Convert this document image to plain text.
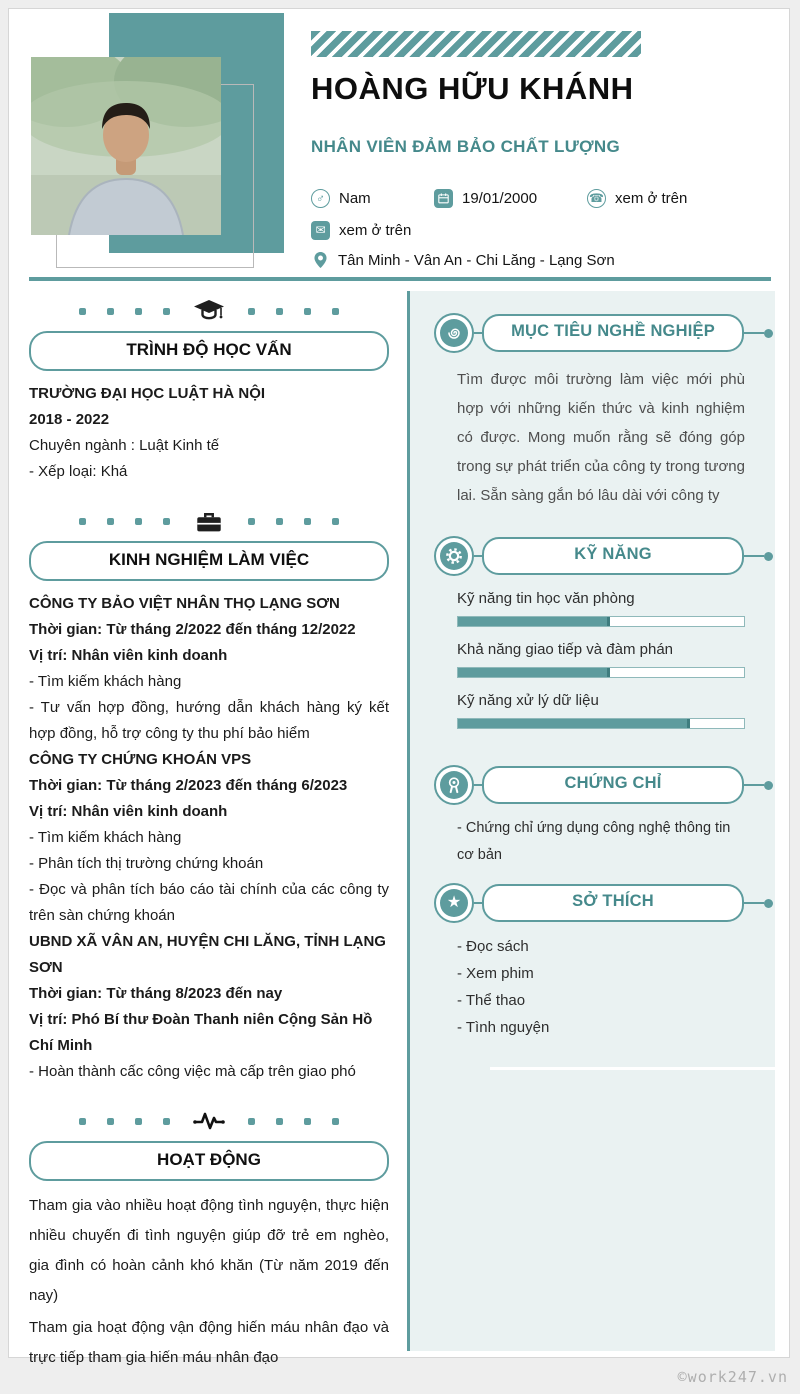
HOÀNG HỮU KHÁNH
NHÂN VIÊN ĐẢM BẢO CHẤT LƯỢNG
♂ Nam	19/01/2000	☎ xem ở trên
✉ xem ở trên
Tân Minh - Vân An - Chi Lăng - Lạng Sơn
TRÌNH ĐỘ HỌC VẤN

TRƯỜNG ĐẠI HỌC LUẬT HÀ NỘI

2018 - 2022

Chuyên ngành : Luật Kinh tế

- Xếp loại: Khá

KINH NGHIỆM LÀM VIỆC

CÔNG TY BẢO VIỆT NHÂN THỌ LẠNG SƠN

Thời gian: Từ tháng 2/2022 đến tháng 12/2022

Vị trí: Nhân viên kinh doanh

- Tìm kiếm khách hàng

- Tư vấn hợp đồng, hướng dẫn khách hàng ký kết hợp đồng, hỗ trợ công ty thu phí bảo hiểm

CÔNG TY CHỨNG KHOÁN VPS

Thời gian: Từ tháng 2/2023 đến tháng 6/2023

Vị trí: Nhân viên kinh doanh

- Tìm kiếm khách hàng

- Phân tích thị trường chứng khoán

- Đọc và phân tích báo cáo tài chính của các công ty trên sàn chứng khoán

UBND XÃ VÂN AN, HUYỆN CHI LĂNG, TỈNH LẠNG SƠN

Thời gian: Từ tháng 8/2023 đến nay

Vị trí: Phó Bí thư Đoàn Thanh niên Cộng Sản Hồ Chí Minh

- Hoàn thành cấc công việc mà cấp trên giao phó

HOẠT ĐỘNG

Tham gia vào nhiều hoạt động tình nguyện, thực hiện nhiều chuyến đi tình nguyện giúp đỡ trẻ em nghèo, gia đình có hoàn cảnh khó khăn (Từ năm 2019 đến nay)

Tham gia hoạt động vận động hiến máu nhân đạo và trực tiếp tham gia hiến máu nhân đạo

MỤC TIÊU NGHỀ NGHIỆP

Tìm được môi trường làm việc mới phù hợp với những kiến thức và kinh nghiệm có được. Mong muốn rằng sẽ đóng góp trong sự phát triển của công ty trong tương lai. Sẵn sàng gắn bó lâu dài với công ty

KỸ NĂNG
Kỹ năng tin học văn phòng
Khả năng giao tiếp và đàm phán
Kỹ năng xử lý dữ liệu
CHỨNG CHỈ

- Chứng chỉ ứng dụng công nghệ thông tin cơ bản

★	SỞ THÍCH

- Đọc sách

- Xem phim

- Thể thao

- Tình nguyện

©work247.vn
